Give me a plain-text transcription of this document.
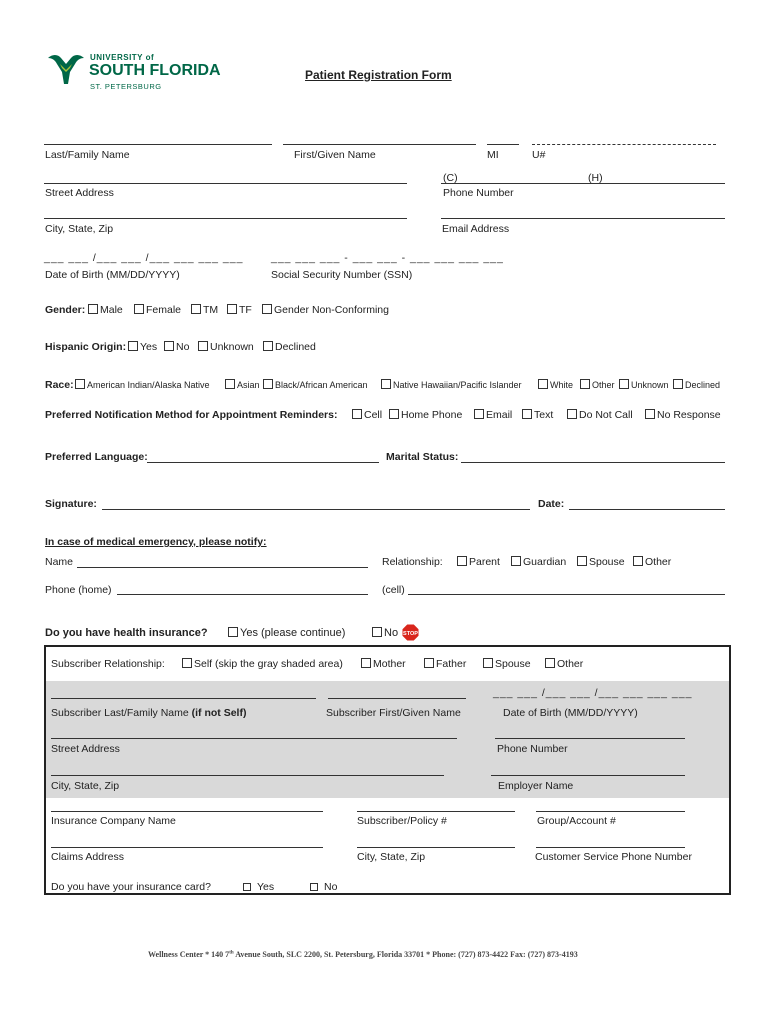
UNIVERSITY of
SOUTH FLORIDA
ST. PETERSBURG
Patient Registration Form
Last/Family Name	First/Given Name	MI	U#
(C)	(H)
Street Address	Phone Number
City, State, Zip	Email Address
___ ___ /___ ___ /___ ___ ___ ___	___ ___ ___ - ___ ___ - ___ ___ ___ ___
Date of Birth (MM/DD/YYYY)	Social Security Number (SSN)
Gender:	Male	Female	TM	TF	Gender Non-Conforming
Hispanic Origin:	Yes	No	Unknown	Declined
Race:	American Indian/Alaska Native	Asian	Black/African American	Native Hawaiian/Pacific Islander	White	Other	Unknown	Declined
Preferred Notification Method for Appointment Reminders:	Cell	Home Phone	Email	Text	Do Not Call	No Response
Preferred Language:	Marital Status:
Signature:	Date:
In case of medical emergency, please notify:
Name	Relationship:	Parent	Guardian	Spouse	Other
Phone (home)	(cell)
Do you have health insurance?	Yes (please continue)	No STOP
Subscriber Relationship:	Self (skip the gray shaded area)	Mother	Father	Spouse	Other
___ ___ /___ ___ /___ ___ ___ ___
Subscriber Last/Family Name (if not Self)	Subscriber First/Given Name	Date of Birth (MM/DD/YYYY)
Street Address	Phone Number
City, State, Zip	Employer Name
Insurance Company Name	Subscriber/Policy #	Group/Account #
Claims Address	City, State, Zip	Customer Service Phone Number
Do you have your insurance card?	Yes	No
Wellness Center * 140 7th Avenue South, SLC 2200, St. Petersburg, Florida 33701 * Phone: (727) 873-4422 Fax: (727) 873-4193
